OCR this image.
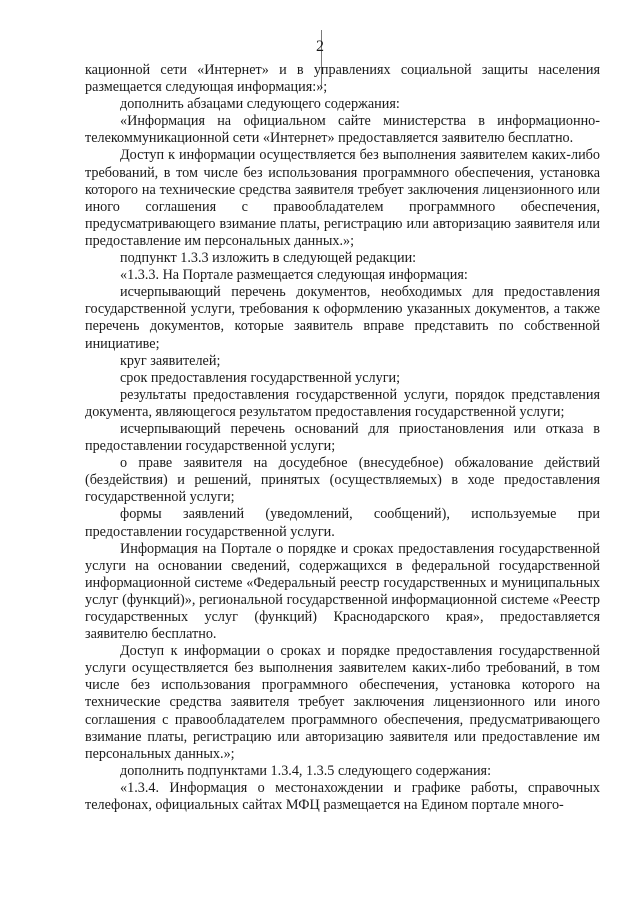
2

кационной сети «Интернет» и в управлениях социальной защиты населения размещается следующая информация:»;

дополнить абзацами следующего содержания:

«Информация на официальном сайте министерства в информационно-телекоммуникационной сети «Интернет» предоставляется заявителю бесплатно.

Доступ к информации осуществляется без выполнения заявителем каких-либо требований, в том числе без использования программного обеспечения, установка которого на технические средства заявителя требует заключения лицензионного или иного соглашения с правообладателем программного обеспечения, предусматривающего взимание платы, регистрацию или авторизацию заявителя или предоставление им персональных данных.»;

подпункт 1.3.3 изложить в следующей редакции:

«1.3.3. На Портале размещается следующая информация:

исчерпывающий перечень документов, необходимых для предоставления государственной услуги, требования к оформлению указанных документов, а также перечень документов, которые заявитель вправе представить по собственной инициативе;

круг заявителей;

срок предоставления государственной услуги;

результаты предоставления государственной услуги, порядок представления документа, являющегося результатом предоставления государственной услуги;

исчерпывающий перечень оснований для приостановления или отказа в предоставлении государственной услуги;

о праве заявителя на досудебное (внесудебное) обжалование действий (бездействия) и решений, принятых (осуществляемых) в ходе предоставления государственной услуги;

формы заявлений (уведомлений, сообщений), используемые при предоставлении государственной услуги.

Информация на Портале о порядке и сроках предоставления государственной услуги на основании сведений, содержащихся в федеральной государственной информационной системе «Федеральный реестр государственных и муниципальных услуг (функций)», региональной государственной информационной системе «Реестр государственных услуг (функций) Краснодарского края», предоставляется заявителю бесплатно.

Доступ к информации о сроках и порядке предоставления государственной услуги осуществляется без выполнения заявителем каких-либо требований, в том числе без использования программного обеспечения, установка которого на технические средства заявителя требует заключения лицензионного или иного соглашения с правообладателем программного обеспечения, предусматривающего взимание платы, регистрацию или авторизацию заявителя или предоставление им персональных данных.»;

дополнить подпунктами 1.3.4, 1.3.5 следующего содержания:

«1.3.4. Информация о местонахождении и графике работы, справочных телефонах, официальных сайтах МФЦ размещается на Едином портале много-
